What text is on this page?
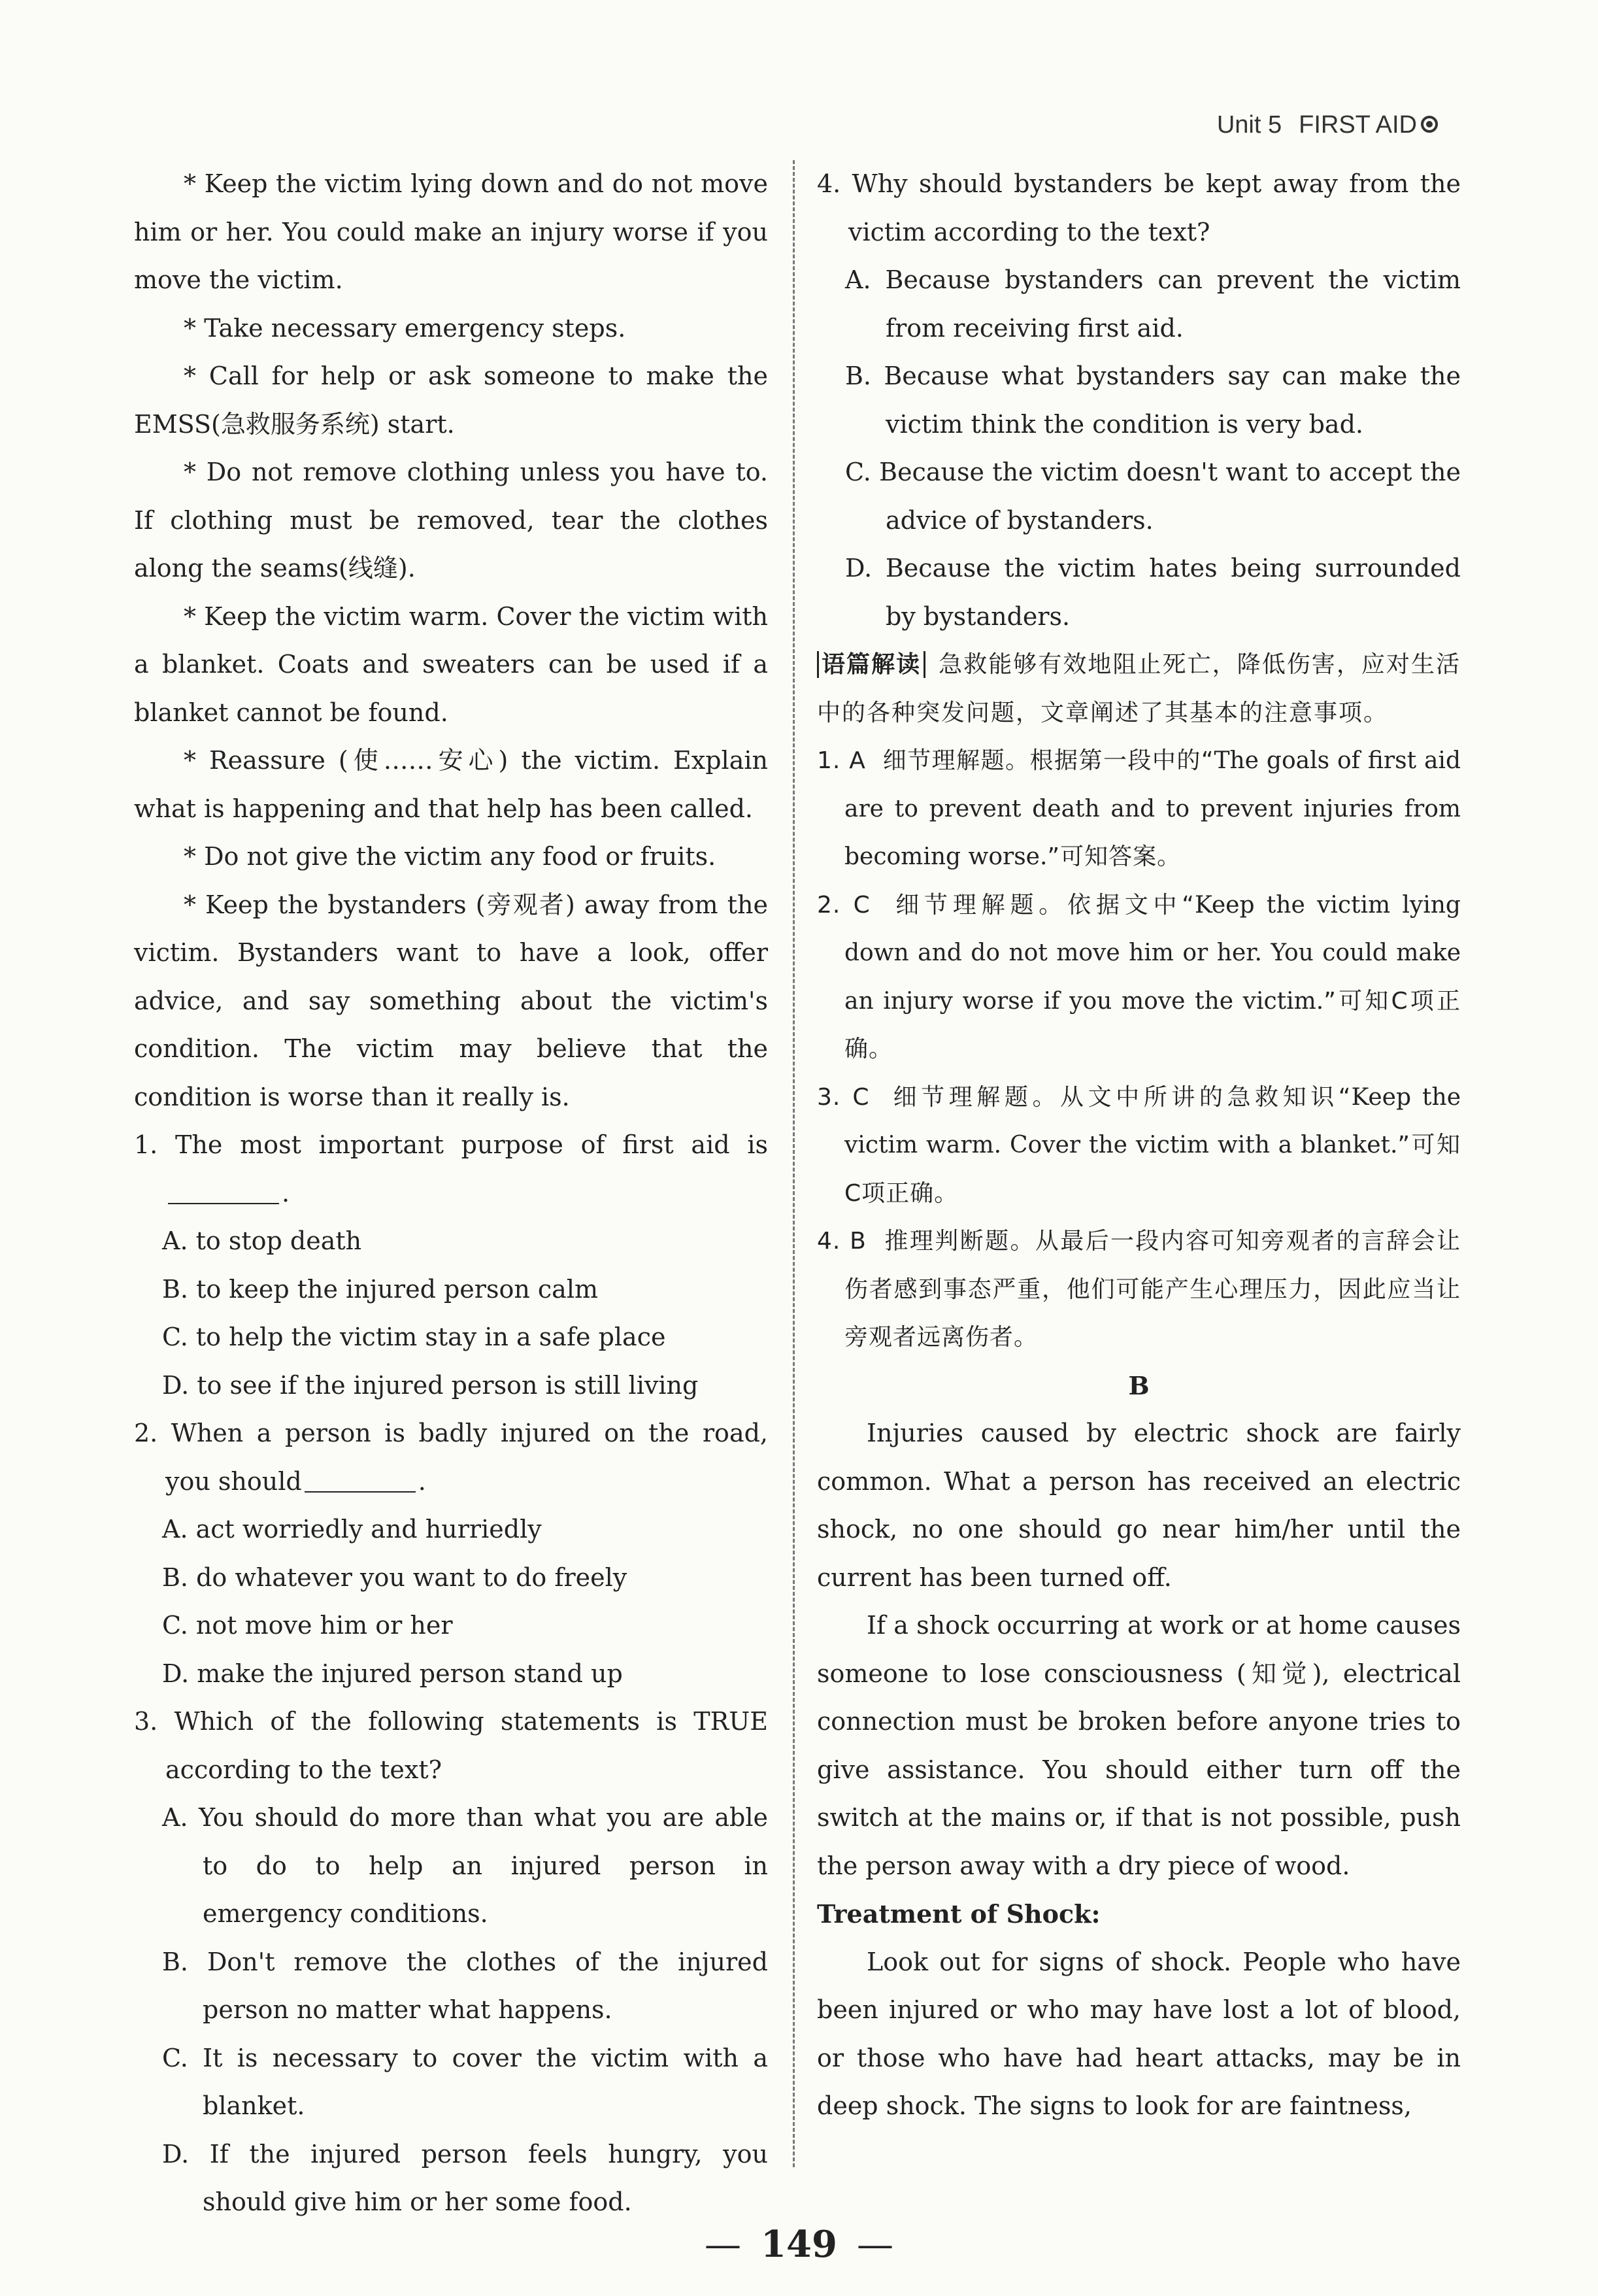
Unit 5 FIRST AID

* Keep the victim lying down and do not move him or her. You could make an injury worse if you move the victim.

* Take necessary emergency steps.

* Call for help or ask someone to make the EMSS(急救服务系统) start.

* Do not remove clothing unless you have to. If clothing must be removed, tear the clothes along the seams(线缝).

* Keep the victim warm. Cover the victim with a blanket. Coats and sweaters can be used if a blanket cannot be found.

* Reassure (使……安心) the victim. Explain what is happening and that help has been called.

* Do not give the victim any food or fruits.

* Keep the bystanders (旁观者) away from the victim. Bystanders want to have a look, offer advice, and say something about the victim's condition. The victim may believe that the condition is worse than it really is.

1. The most important purpose of first aid is.

A. to stop death

B. to keep the injured person calm

C. to help the victim stay in a safe place

D. to see if the injured person is still living

2. When a person is badly injured on the road, you should	.

A. act worriedly and hurriedly

B. do whatever you want to do freely

C. not move him or her

D. make the injured person stand up

3. Which of the following statements is TRUE according to the text?

A. You should do more than what you are able to do to help an injured person in emergency conditions.

B. Don't remove the clothes of the injured person no matter what happens.

C. It is necessary to cover the victim with a blanket.

D. If the injured person feels hungry, you should give him or her some food.

4. Why should bystanders be kept away from the victim according to the text?

A. Because bystanders can prevent the victim from receiving first aid.

B. Because what bystanders say can make the victim think the condition is very bad.

C. Because the victim doesn't want to accept the advice of bystanders.

D. Because the victim hates being surrounded by bystanders.

语篇解读 急救能够有效地阻止死亡，降低伤害，应对生活中的各种突发问题，文章阐述了其基本的注意事项。

1. A 细节理解题。根据第一段中的“The goals of first aid are to prevent death and to prevent injuries from becoming worse.”可知答案。

2. C 细节理解题。依据文中“Keep the victim lying down and do not move him or her. You could make an injury worse if you move the victim.”可知C项正确。

3. C 细节理解题。从文中所讲的急救知识“Keep the victim warm. Cover the victim with a blanket.”可知C项正确。

4. B 推理判断题。从最后一段内容可知旁观者的言辞会让伤者感到事态严重，他们可能产生心理压力，因此应当让旁观者远离伤者。

B

Injuries caused by electric shock are fairly common. What a person has received an electric shock, no one should go near him/her until the current has been turned off.

If a shock occurring at work or at home causes someone to lose consciousness (知觉), electrical connection must be broken before anyone tries to give assistance. You should either turn off the switch at the mains or, if that is not possible, push the person away with a dry piece of wood.

Treatment of Shock:

Look out for signs of shock. People who have been injured or who may have lost a lot of blood, or those who have had heart attacks, may be in deep shock. The signs to look for are faintness,

— 149 —
